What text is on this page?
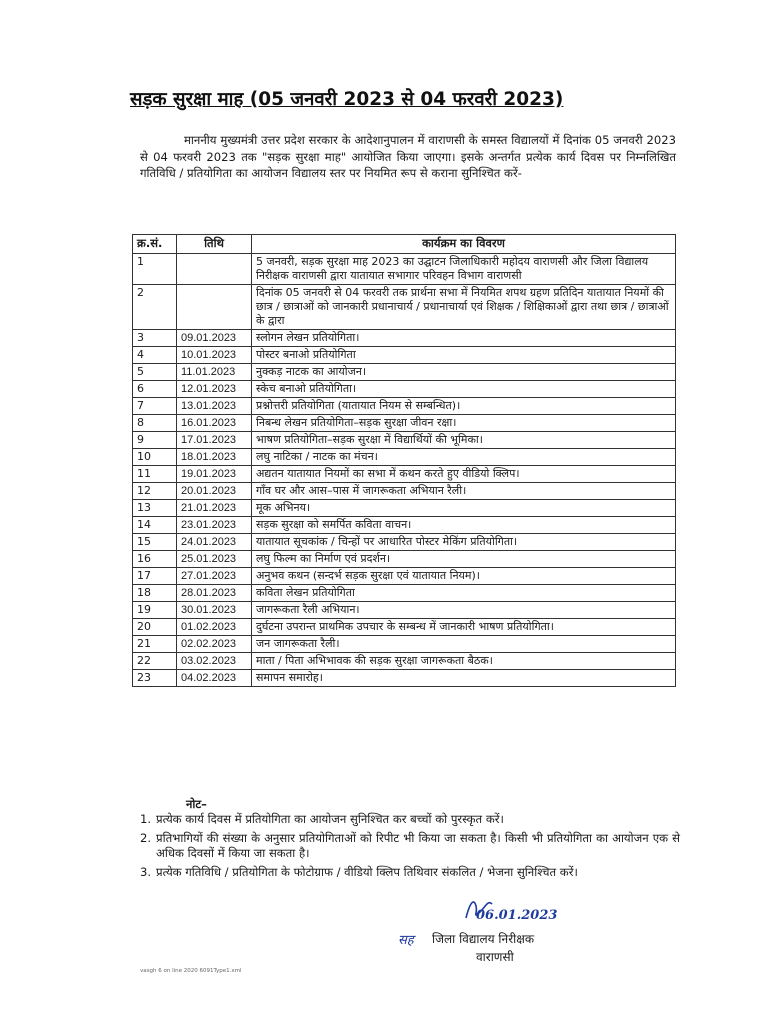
सड़क सुरक्षा माह (05 जनवरी 2023 से 04 फरवरी 2023)
माननीय मुख्यमंत्री उत्तर प्रदेश सरकार के आदेशानुपालन में वाराणसी के समस्त विद्यालयों में दिनांक 05 जनवरी 2023 से 04 फरवरी 2023 तक "सड़क सुरक्षा माह" आयोजित किया जाएगा। इसके अन्तर्गत प्रत्येक कार्य दिवस पर निम्नलिखित गतिविधि / प्रतियोगिता का आयोजन विद्यालय स्तर पर नियमित रूप से कराना सुनिश्चित करें-
क्र.सं.	तिथि	कार्यक्रम का विवरण
1		5 जनवरी, सड़क सुरक्षा माह 2023 का उद्घाटन जिलाधिकारी महोदय वाराणसी और जिला विद्यालय निरीक्षक वाराणसी द्वारा यातायात सभागार परिवहन विभाग वाराणसी
2		दिनांक 05 जनवरी से 04 फरवरी तक प्रार्थना सभा में नियमित शपथ ग्रहण प्रतिदिन यातायात नियमों की छात्र / छात्राओं को जानकारी प्रधानाचार्य / प्रधानाचार्या एवं शिक्षक / शिक्षिकाओं द्वारा तथा छात्र / छात्राओं के द्वारा
3	09.01.2023	स्लोगन लेखन प्रतियोगिता।
4	10.01.2023	पोस्टर बनाओ प्रतियोगिता
5	11.01.2023	नुक्कड़ नाटक का आयोजन।
6	12.01.2023	स्केच बनाओ प्रतियोगिता।
7	13.01.2023	प्रश्नोत्तरी प्रतियोगिता (यातायात नियम से सम्बन्धित)।
8	16.01.2023	निबन्ध लेखन प्रतियोगिता–सड़क सुरक्षा जीवन रक्षा।
9	17.01.2023	भाषण प्रतियोगिता–सड़क सुरक्षा में विद्यार्थियों की भूमिका।
10	18.01.2023	लघु नाटिका / नाटक का मंचन।
11	19.01.2023	अद्यतन यातायात नियमों का सभा में कथन करते हुए वीडियो क्लिप।
12	20.01.2023	गाँव घर और आस–पास में जागरूकता अभियान रैली।
13	21.01.2023	मूक अभिनय।
14	23.01.2023	सड़क सुरक्षा को समर्पित कविता वाचन।
15	24.01.2023	यातायात सूचकांक / चिन्हों पर आधारित पोस्टर मेकिंग प्रतियोगिता।
16	25.01.2023	लघु फिल्म का निर्माण एवं प्रदर्शन।
17	27.01.2023	अनुभव कथन (सन्दर्भ सड़क सुरक्षा एवं यातायात नियम)।
18	28.01.2023	कविता लेखन प्रतियोगिता
19	30.01.2023	जागरूकता रैली अभियान।
20	01.02.2023	दुर्घटना उपरान्त प्राथमिक उपचार के सम्बन्ध में जानकारी भाषण प्रतियोगिता।
21	02.02.2023	जन जागरूकता रैली।
22	03.02.2023	माता / पिता अभिभावक की सड़क सुरक्षा जागरूकता बैठक।
23	04.02.2023	समापन समारोह।
नोट–
1. प्रत्येक कार्य दिवस में प्रतियोगिता का आयोजन सुनिश्चित कर बच्चों को पुरस्कृत करें।
2. प्रतिभागियों की संख्या के अनुसार प्रतियोगिताओं को रिपीट भी किया जा सकता है। किसी भी प्रतियोगिता का आयोजन एक से अधिक दिवसों में किया जा सकता है।
3. प्रत्येक गतिविधि / प्रतियोगिता के फोटोग्राफ / वीडियो क्लिप तिथिवार संकलित / भेजना सुनिश्चित करें।
06.01.2023
सह जिला विद्यालय निरीक्षक
वाराणसी
vasgh 6 on line 2020 6091Type1.xml
